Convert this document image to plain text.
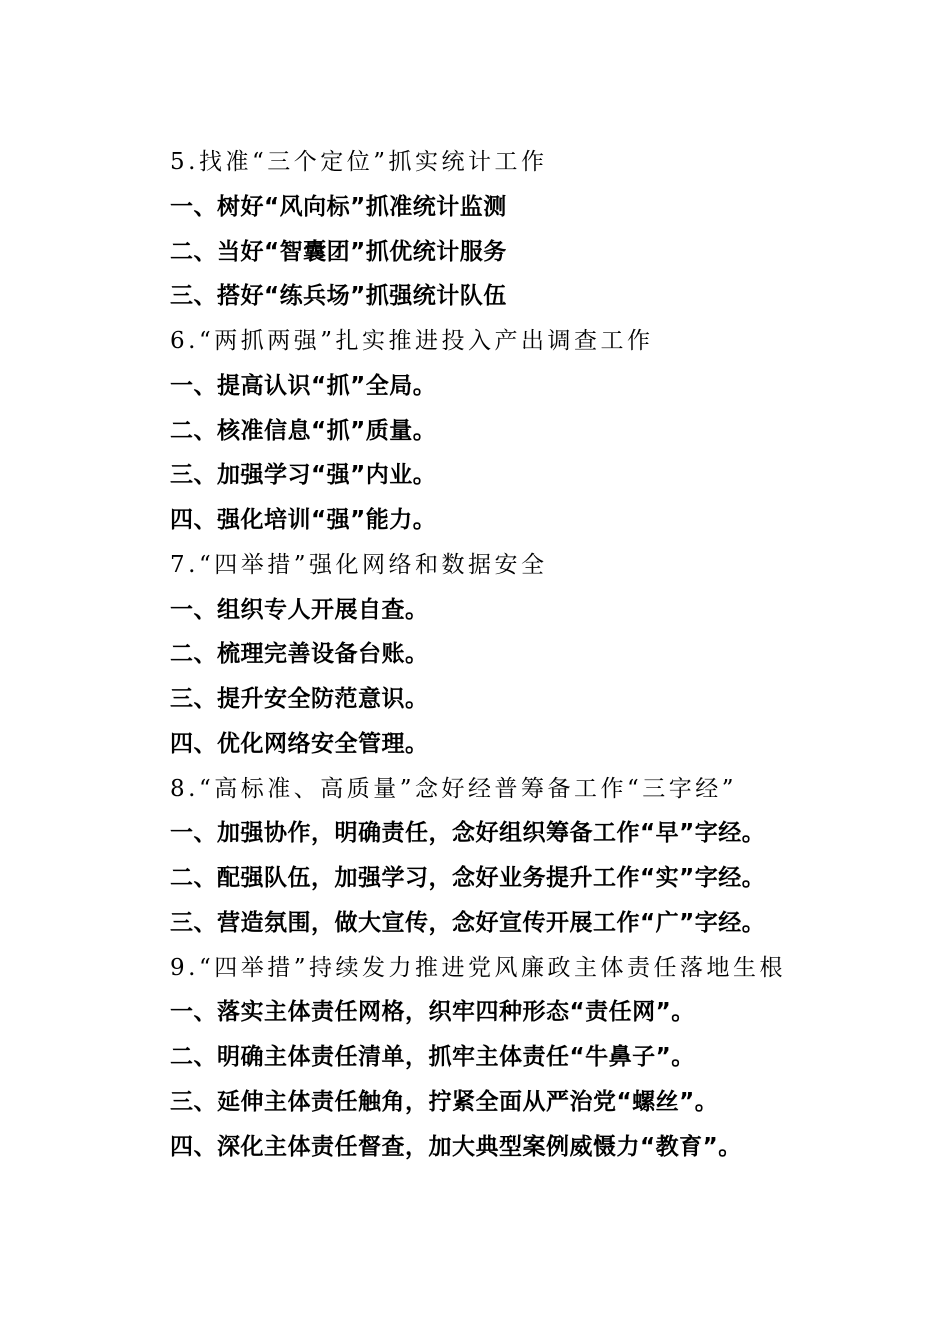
5.找准“三个定位”抓实统计工作
一、树好“风向标”抓准统计监测
二、当好“智囊团”抓优统计服务
三、搭好“练兵场”抓强统计队伍
6.“两抓两强”扎实推进投入产出调查工作
一、提高认识“抓”全局。
二、核准信息“抓”质量。
三、加强学习“强”内业。
四、强化培训“强”能力。
7.“四举措”强化网络和数据安全
一、组织专人开展自查。
二、梳理完善设备台账。
三、提升安全防范意识。
四、优化网络安全管理。
8.“高标准、高质量”念好经普筹备工作“三字经”
一、加强协作，明确责任，念好组织筹备工作“早”字经。
二、配强队伍，加强学习，念好业务提升工作“实”字经。
三、营造氛围，做大宣传，念好宣传开展工作“广”字经。
9.“四举措”持续发力推进党风廉政主体责任落地生根
一、落实主体责任网格，织牢四种形态“责任网”。
二、明确主体责任清单，抓牢主体责任“牛鼻子”。
三、延伸主体责任触角，拧紧全面从严治党“螺丝”。
四、深化主体责任督查，加大典型案例威慑力“教育”。
